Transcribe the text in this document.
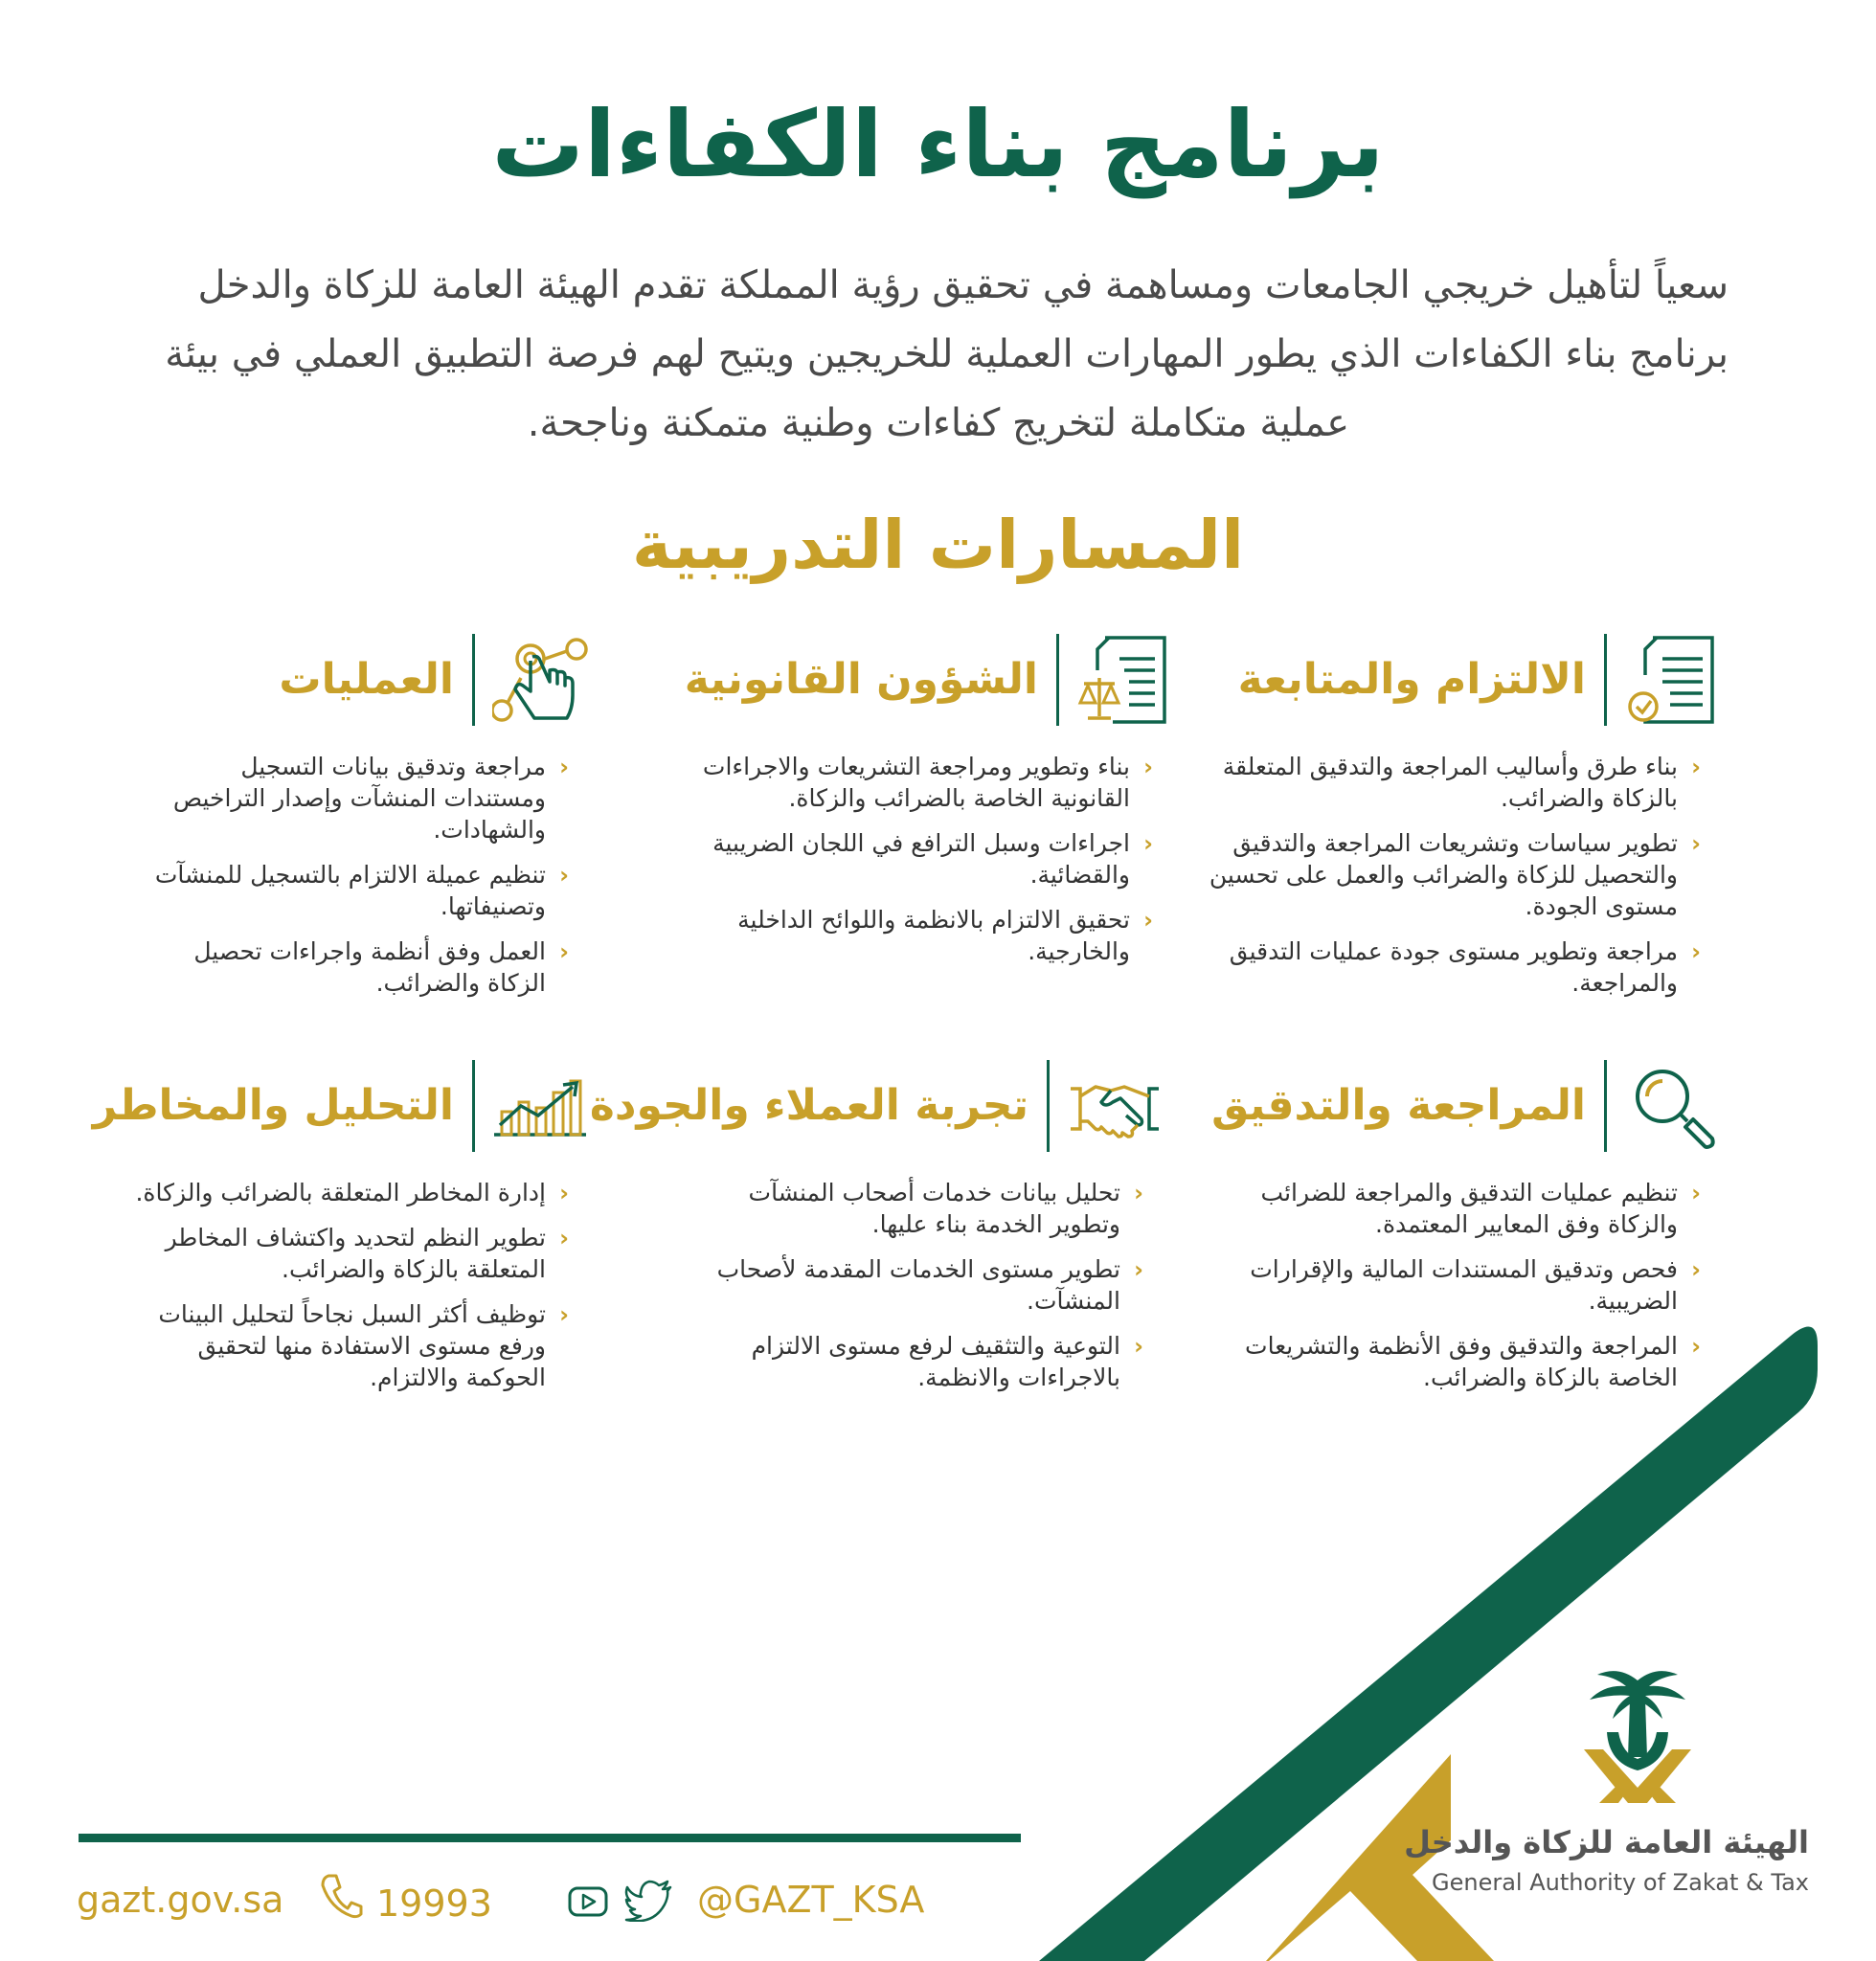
برنامج بناء الكفاءات

سعياً لتأهيل خريجي الجامعات ومساهمة في تحقيق رؤية المملكة تقدم الهيئة العامة للزكاة والدخل

برنامج بناء الكفاءات الذي يطور المهارات العملية للخريجين ويتيح لهم فرصة التطبيق العملي في بيئة

عملية متكاملة لتخريج كفاءات وطنية متمكنة وناجحة.

المسارات التدريبية
الالتزام والمتابعة
‹
بناء طرق وأساليب المراجعة والتدقيق المتعلقة بالزكاة والضرائب.
‹
تطوير سياسات وتشريعات المراجعة والتدقيق والتحصيل للزكاة والضرائب والعمل على تحسين مستوى الجودة.
‹
مراجعة وتطوير مستوى جودة عمليات التدقيق والمراجعة.
الشؤون القانونية
‹
بناء وتطوير ومراجعة التشريعات والاجراءات القانونية الخاصة بالضرائب والزكاة.
‹
اجراءات وسبل الترافع في اللجان الضريبية والقضائية.
‹
تحقيق الالتزام بالانظمة واللوائح الداخلية والخارجية.
العمليات
‹
مراجعة وتدقيق بيانات التسجيل ومستندات المنشآت وإصدار التراخيص والشهادات.
‹
تنظيم عميلة الالتزام بالتسجيل للمنشآت وتصنيفاتها.
‹
العمل وفق أنظمة واجراءات تحصيل الزكاة والضرائب.
المراجعة والتدقيق
‹
تنظيم عمليات التدقيق والمراجعة للضرائب والزكاة وفق المعايير المعتمدة.
‹
فحص وتدقيق المستندات المالية والإقرارات الضريبية.
‹
المراجعة والتدقيق وفق الأنظمة والتشريعات الخاصة بالزكاة والضرائب.
تجربة العملاء والجودة
‹
تحليل بيانات خدمات أصحاب المنشآت وتطوير الخدمة بناء عليها.
‹
تطوير مستوى الخدمات المقدمة لأصحاب المنشآت.
‹
التوعية والتثقيف لرفع مستوى الالتزام بالاجراءات والانظمة.
التحليل والمخاطر
‹
إدارة المخاطر المتعلقة بالضرائب والزكاة.
‹
تطوير النظم لتحديد واكتشاف المخاطر المتعلقة بالزكاة والضرائب.
‹
توظيف أكثر السبل نجاحاً لتحليل البينات ورفع مستوى الاستفادة منها لتحقيق الحوكمة والالتزام.
gazt.gov.sa	19993	@GAZT_KSA
الهيئة العامة للزكاة والدخل
General Authority of Zakat & Tax
